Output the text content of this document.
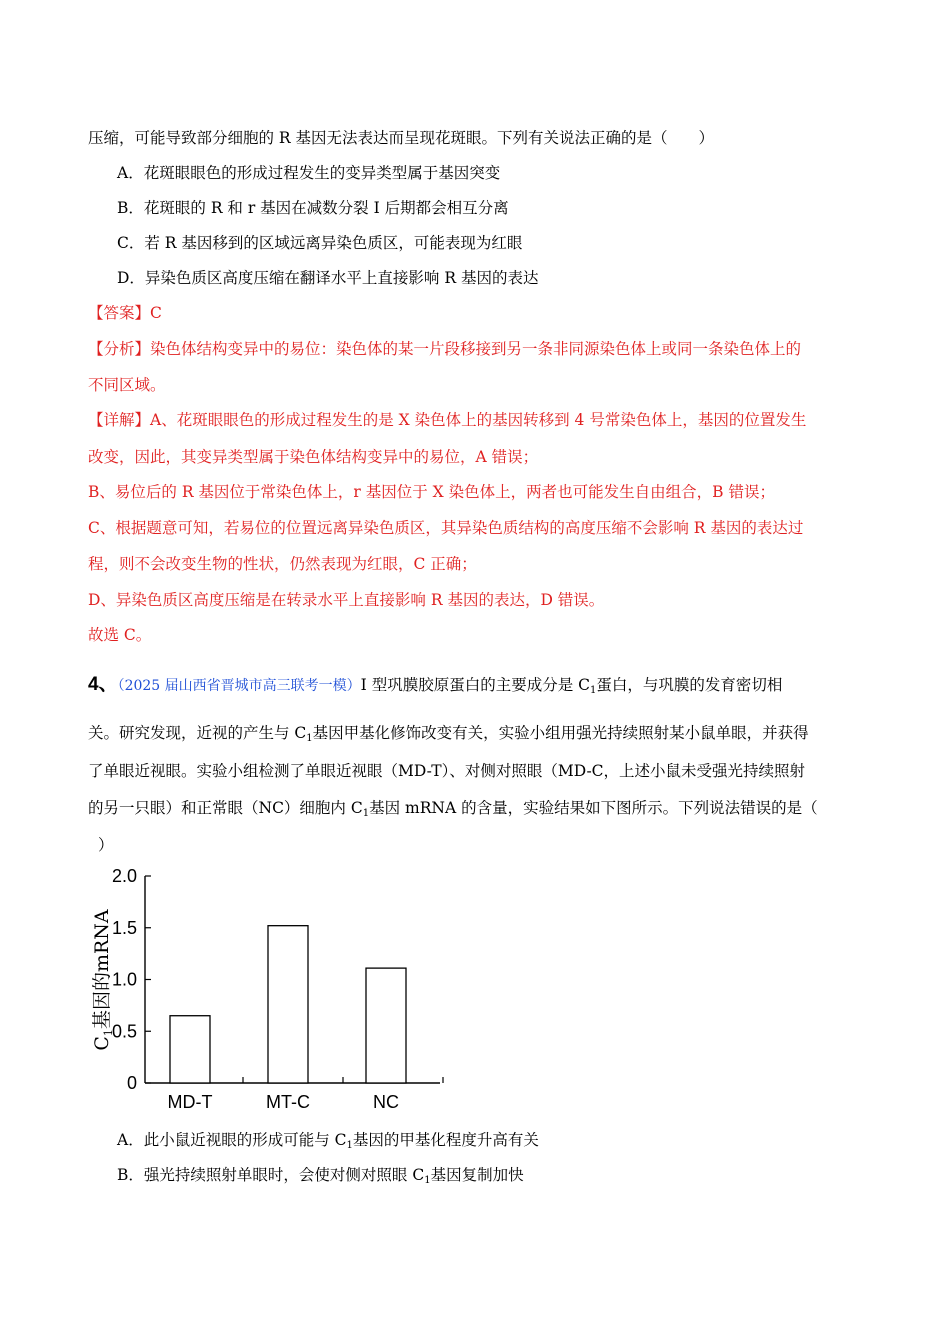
压缩，可能导致部分细胞的 R 基因无法表达而呈现花斑眼。下列有关说法正确的是（　　）
A．花斑眼眼色的形成过程发生的变异类型属于基因突变
B．花斑眼的 R 和 r 基因在减数分裂 I 后期都会相互分离
C．若 R 基因移到的区域远离异染色质区，可能表现为红眼
D．异染色质区高度压缩在翻译水平上直接影响 R 基因的表达
【答案】C
【分析】染色体结构变异中的易位：染色体的某一片段移接到另一条非同源染色体上或同一条染色体上的
不同区域。
【详解】A、花斑眼眼色的形成过程发生的是 X 染色体上的基因转移到 4 号常染色体上，基因的位置发生
改变，因此，其变异类型属于染色体结构变异中的易位，A 错误；
B、易位后的 R 基因位于常染色体上，r 基因位于 X 染色体上，两者也可能发生自由组合，B 错误；
C、根据题意可知，若易位的位置远离异染色质区，其异染色质结构的高度压缩不会影响 R 基因的表达过
程，则不会改变生物的性状，仍然表现为红眼，C 正确；
D、异染色质区高度压缩是在转录水平上直接影响 R 基因的表达，D 错误。
故选 C。
4、（2025 届山西省晋城市高三联考一模）I 型巩膜胶原蛋白的主要成分是 $C_1$蛋白，与巩膜的发育密切相
关。研究发现，近视的产生与 $C_1$基因甲基化修饰改变有关，实验小组用强光持续照射某小鼠单眼，并获得
了单眼近视眼。实验小组检测了单眼近视眼（MD-T）、对侧对照眼（MD-C，上述小鼠未受强光持续照射
的另一只眼）和正常眼（NC）细胞内 $C_1$基因 mRNA 的含量，实验结果如下图所示。下列说法错误的是（
）
$C_1$基因的mRNA
0
0.5
1.0
1.5
2.0
MD-T	MT-C	NC
A．此小鼠近视眼的形成可能与 $C_1$基因的甲基化程度升高有关
B．强光持续照射单眼时，会使对侧对照眼 $C_1$基因复制加快
